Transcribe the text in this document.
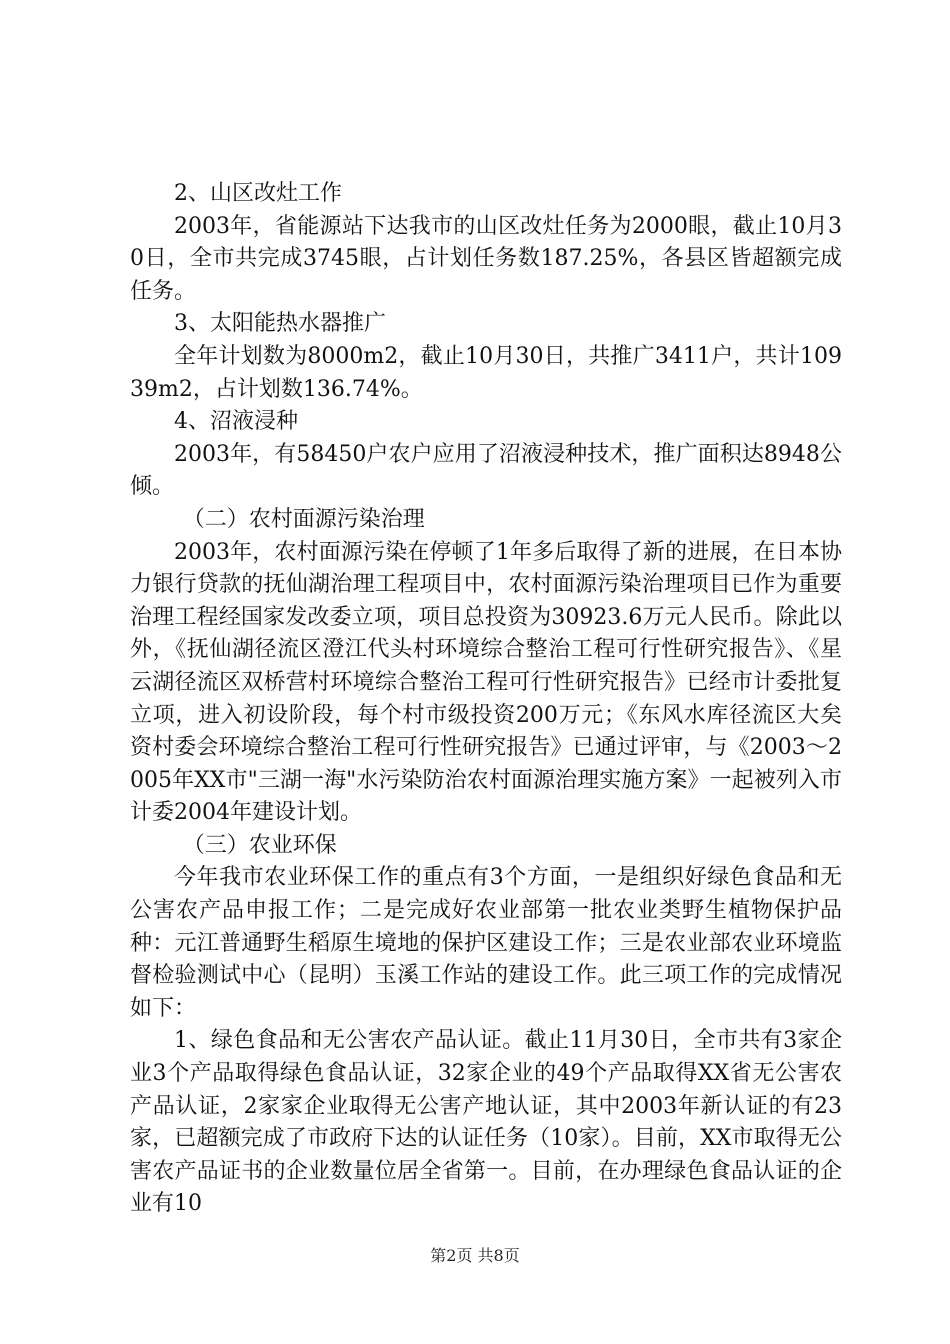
2、山区改灶工作

2003年，省能源站下达我市的山区改灶任务为2000眼，截止10月30日，全市共完成3745眼，占计划任务数187.25%，各县区皆超额完成任务。

3、太阳能热水器推广

全年计划数为8000m2，截止10月30日，共推广3411户，共计10939m2，占计划数136.74%。

4、沼液浸种

2003年，有58450户农户应用了沼液浸种技术，推广面积达8948公倾。

（二）农村面源污染治理

2003年，农村面源污染在停顿了1年多后取得了新的进展，在日本协力银行贷款的抚仙湖治理工程项目中，农村面源污染治理项目已作为重要治理工程经国家发改委立项，项目总投资为30923.6万元人民币。除此以外，《抚仙湖径流区澄江代头村环境综合整治工程可行性研究报告》、《星云湖径流区双桥营村环境综合整治工程可行性研究报告》已经市计委批复立项，进入初设阶段，每个村市级投资200万元；《东风水库径流区大矣资村委会环境综合整治工程可行性研究报告》已通过评审，与《2003～2005年XX市"三湖一海"水污染防治农村面源治理实施方案》一起被列入市计委2004年建设计划。

（三）农业环保

今年我市农业环保工作的重点有3个方面，一是组织好绿色食品和无公害农产品申报工作；二是完成好农业部第一批农业类野生植物保护品种：元江普通野生稻原生境地的保护区建设工作；三是农业部农业环境监督检验测试中心（昆明）玉溪工作站的建设工作。此三项工作的完成情况如下：

1、绿色食品和无公害农产品认证。截止11月30日，全市共有3家企业3个产品取得绿色食品认证，32家企业的49个产品取得XX省无公害农产品认证，2家家企业取得无公害产地认证，其中2003年新认证的有23家，已超额完成了市政府下达的认证任务（10家）。目前，XX市取得无公害农产品证书的企业数量位居全省第一。目前，在办理绿色食品认证的企业有10

第2页 共8页
